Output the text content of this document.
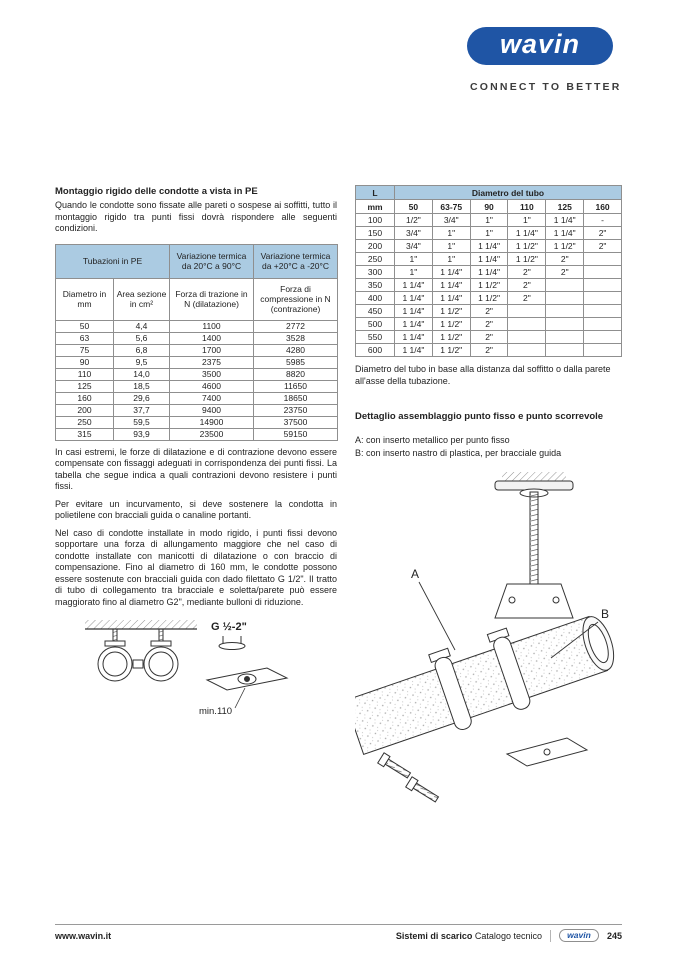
wavin
CONNECT TO BETTER
Montaggio rigido delle condotte a vista in PE

Quando le condotte sono fissate alle pareti o sospese ai soffitti, tutto il montaggio rigido tra punti fissi dovrà rispondere alle seguenti condizioni.

Tubazioni in PE		Variazione termica da 20°C a 90°C	Variazione termica da +20°C a -20°C
Diametro in mm	Area sezione in cm²	Forza di trazione in N (dilatazione)	Forza di compressione in N (contrazione)
50	4,4	1100	2772
63	5,6	1400	3528
75	6,8	1700	4280
90	9,5	2375	5985
110	14,0	3500	8820
125	18,5	4600	11650
160	29,6	7400	18650
200	37,7	9400	23750
250	59,5	14900	37500
315	93,9	23500	59150

In casi estremi, le forze di dilatazione e di contrazione devono essere compensate con fissaggi adeguati in corrispondenza dei punti fissi. La tabella che segue indica a quali contrazioni devono resistere i punti fissi.

Per evitare un incurvamento, si deve sostenere la condotta in polietilene con bracciali guida o canaline portanti.

Nel caso di condotte installate in modo rigido, i punti fissi devono sopportare una forza di allungamento maggiore che nel caso di condotte installate con manicotti di dilatazione o con braccio di compensazione. Fino al diametro di 160 mm, le condotte possono essere sostenute con bracciali guida con dado filettato G 1/2". Il tratto di tubo di collegamento tra bracciale e soletta/parete può essere maggiorato fino al diametro G2", mediante bulloni di riduzione.

G ½-2"
min.110
L	Diametro del tubo					
mm	50	63-75	90	110	125	160
100	1/2"	3/4"	1"	1"	1 1/4"	-
150	3/4"	1"	1"	1 1/4"	1 1/4"	2"
200	3/4"	1"	1 1/4"	1 1/2"	1 1/2"	2"
250	1"	1"	1 1/4"	1 1/2"	2"	
300	1"	1 1/4"	1 1/4"	2"	2"	
350	1 1/4"	1 1/4"	1 1/2"	2"		
400	1 1/4"	1 1/4"	1 1/2"	2"		
450	1 1/4"	1 1/2"	2"			
500	1 1/4"	1 1/2"	2"			
550	1 1/4"	1 1/2"	2"			
600	1 1/4"	1 1/2"	2"			

Diametro del tubo in base alla distanza dal soffitto o dalla parete all'asse della tubazione.

Dettaglio assemblaggio punto fisso e punto scorrevole

A: con inserto metallico per punto fisso

B: con inserto nastro di plastica, per bracciale guida

A
B
www.wavin.it	Sistemi di scarico Catalogo tecnico	wavin 245
